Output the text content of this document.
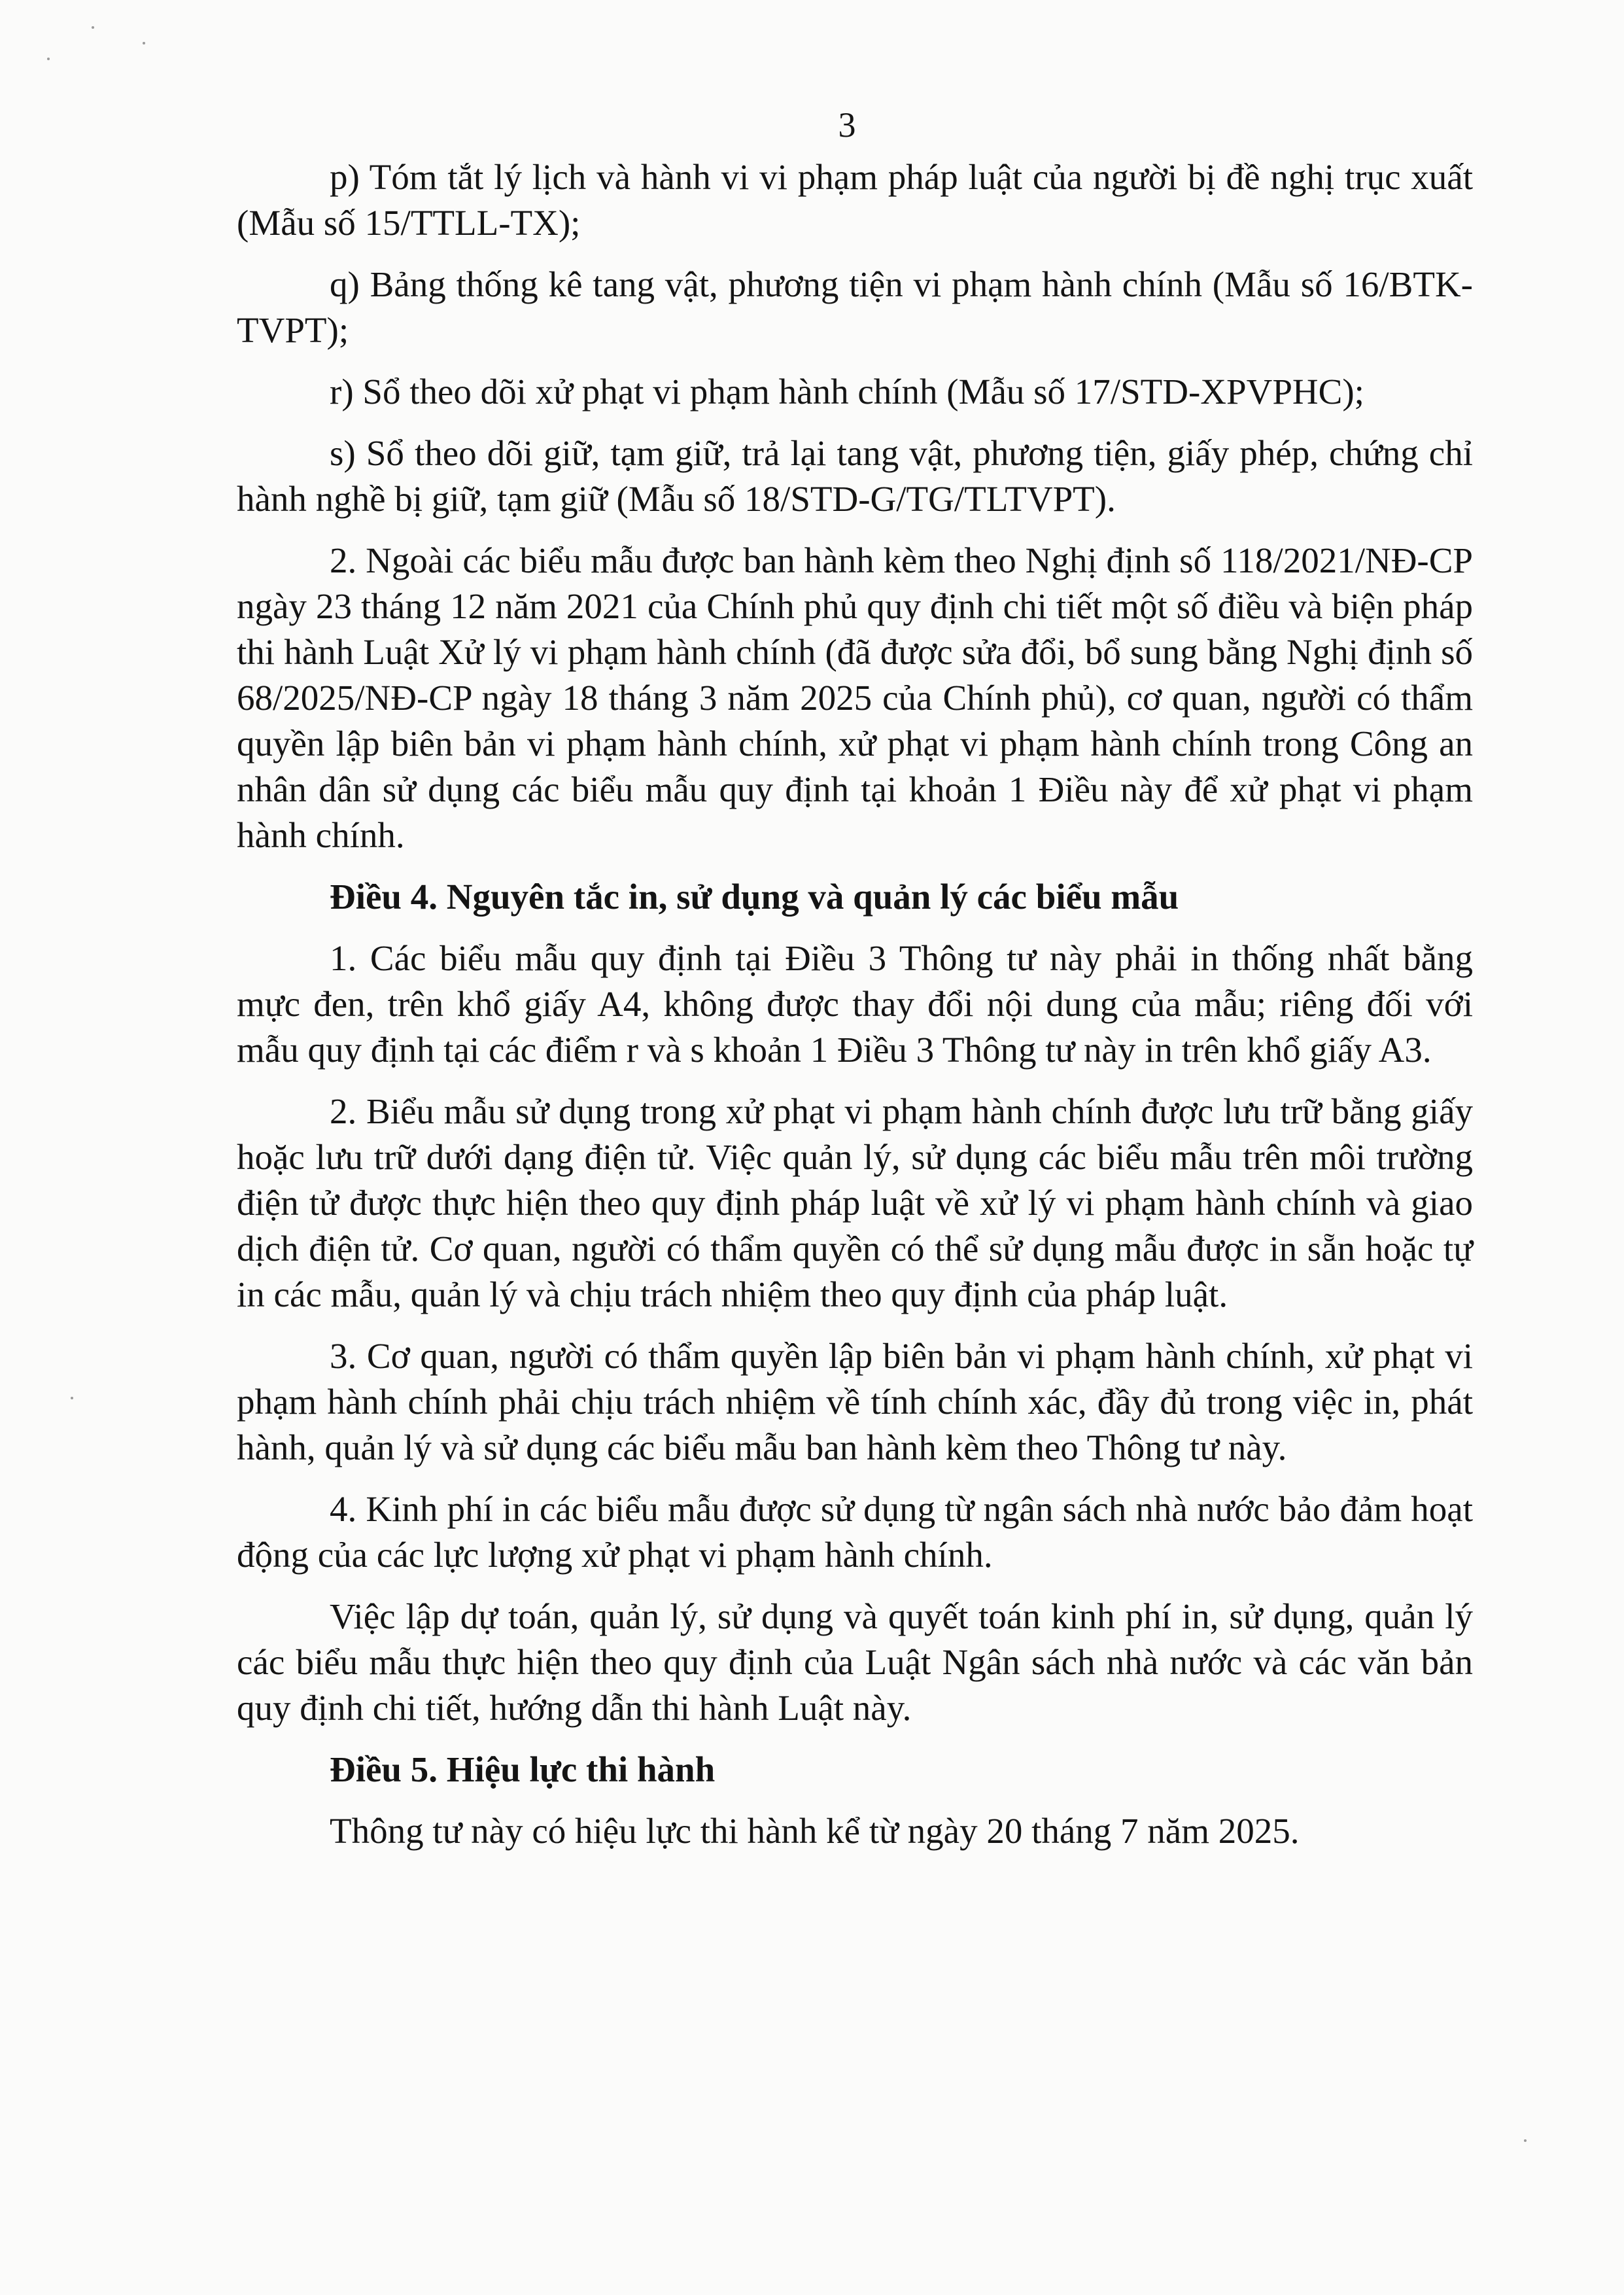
3

p) Tóm tắt lý lịch và hành vi vi phạm pháp luật của người bị đề nghị trục xuất (Mẫu số 15/TTLL-TX);

q) Bảng thống kê tang vật, phương tiện vi phạm hành chính (Mẫu số 16/BTK-TVPT);

r) Sổ theo dõi xử phạt vi phạm hành chính (Mẫu số 17/STD-XPVPHC);

s) Sổ theo dõi giữ, tạm giữ, trả lại tang vật, phương tiện, giấy phép, chứng chỉ hành nghề bị giữ, tạm giữ (Mẫu số 18/STD-G/TG/TLTVPT).

2. Ngoài các biểu mẫu được ban hành kèm theo Nghị định số 118/2021/NĐ-CP ngày 23 tháng 12 năm 2021 của Chính phủ quy định chi tiết một số điều và biện pháp thi hành Luật Xử lý vi phạm hành chính (đã được sửa đổi, bổ sung bằng Nghị định số 68/2025/NĐ-CP ngày 18 tháng 3 năm 2025 của Chính phủ), cơ quan, người có thẩm quyền lập biên bản vi phạm hành chính, xử phạt vi phạm hành chính trong Công an nhân dân sử dụng các biểu mẫu quy định tại khoản 1 Điều này để xử phạt vi phạm hành chính.

Điều 4. Nguyên tắc in, sử dụng và quản lý các biểu mẫu

1. Các biểu mẫu quy định tại Điều 3 Thông tư này phải in thống nhất bằng mực đen, trên khổ giấy A4, không được thay đổi nội dung của mẫu; riêng đối với mẫu quy định tại các điểm r và s khoản 1 Điều 3 Thông tư này in trên khổ giấy A3.

2. Biểu mẫu sử dụng trong xử phạt vi phạm hành chính được lưu trữ bằng giấy hoặc lưu trữ dưới dạng điện tử. Việc quản lý, sử dụng các biểu mẫu trên môi trường điện tử được thực hiện theo quy định pháp luật về xử lý vi phạm hành chính và giao dịch điện tử. Cơ quan, người có thẩm quyền có thể sử dụng mẫu được in sẵn hoặc tự in các mẫu, quản lý và chịu trách nhiệm theo quy định của pháp luật.

3. Cơ quan, người có thẩm quyền lập biên bản vi phạm hành chính, xử phạt vi phạm hành chính phải chịu trách nhiệm về tính chính xác, đầy đủ trong việc in, phát hành, quản lý và sử dụng các biểu mẫu ban hành kèm theo Thông tư này.

4. Kinh phí in các biểu mẫu được sử dụng từ ngân sách nhà nước bảo đảm hoạt động của các lực lượng xử phạt vi phạm hành chính.

Việc lập dự toán, quản lý, sử dụng và quyết toán kinh phí in, sử dụng, quản lý các biểu mẫu thực hiện theo quy định của Luật Ngân sách nhà nước và các văn bản quy định chi tiết, hướng dẫn thi hành Luật này.

Điều 5. Hiệu lực thi hành

Thông tư này có hiệu lực thi hành kể từ ngày 20 tháng 7 năm 2025.
